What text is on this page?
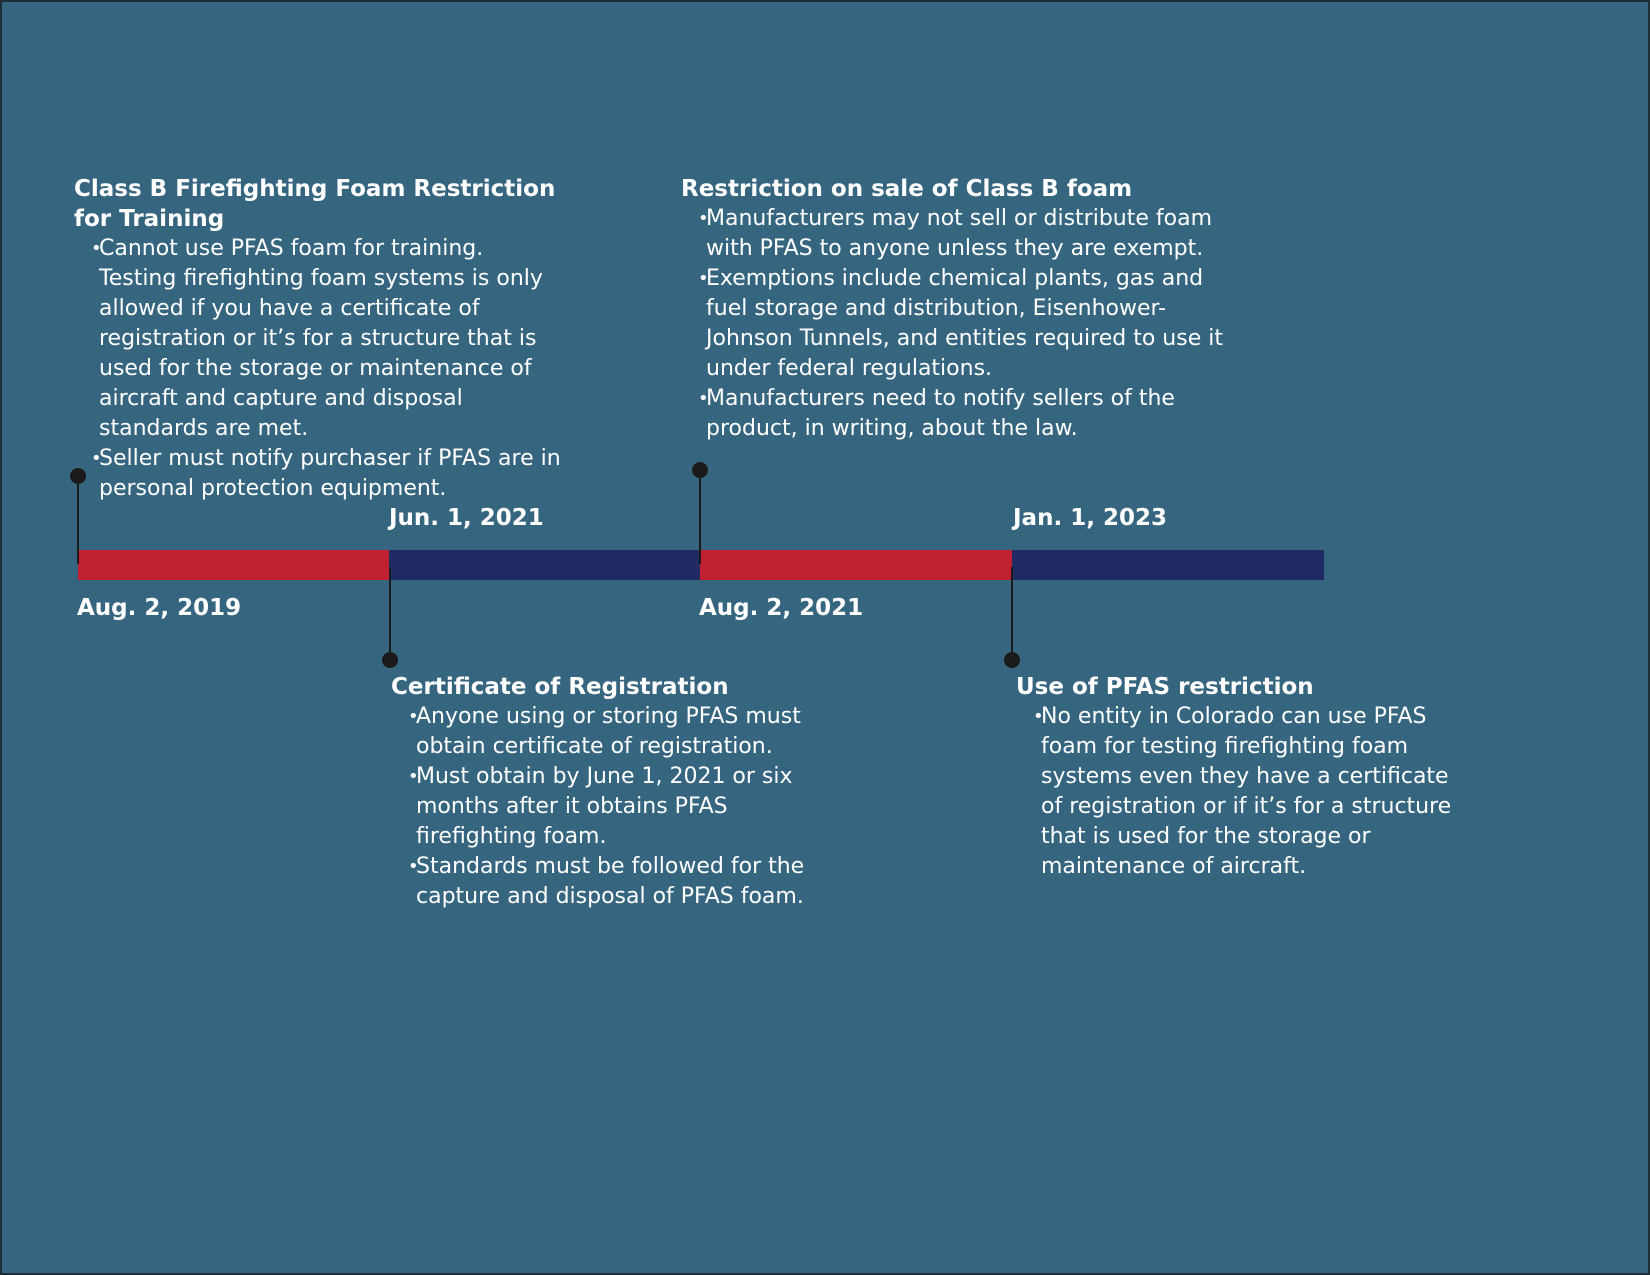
Aug. 2, 2019
Jun. 1, 2021
Aug. 2, 2021
Jan. 1, 2023
Class B Firefighting Foam Restriction for Training
•
Cannot use PFAS foam for training. Testing firefighting foam systems is only allowed if you have a certificate of registration or it’s for a structure that is used for the storage or maintenance of aircraft and capture and disposal standards are met.
•
Seller must notify purchaser if PFAS are in personal protection equipment.
Certificate of Registration
•
Anyone using or storing PFAS must obtain certificate of registration.
•
Must obtain by June 1, 2021 or six months after it obtains PFAS firefighting foam.
•
Standards must be followed for the capture and disposal of PFAS foam.
Restriction on sale of Class B foam
•
Manufacturers may not sell or distribute foam with PFAS to anyone unless they are exempt.
•
Exemptions include chemical plants, gas and fuel storage and distribution, Eisenhower-Johnson Tunnels, and entities required to use it under federal regulations.
•
Manufacturers need to notify sellers of the product, in writing, about the law.
Use of PFAS restriction
•
No entity in Colorado can use PFAS foam for testing firefighting foam systems even they have a certificate of registration or if it’s for a structure that is used for the storage or maintenance of aircraft.
